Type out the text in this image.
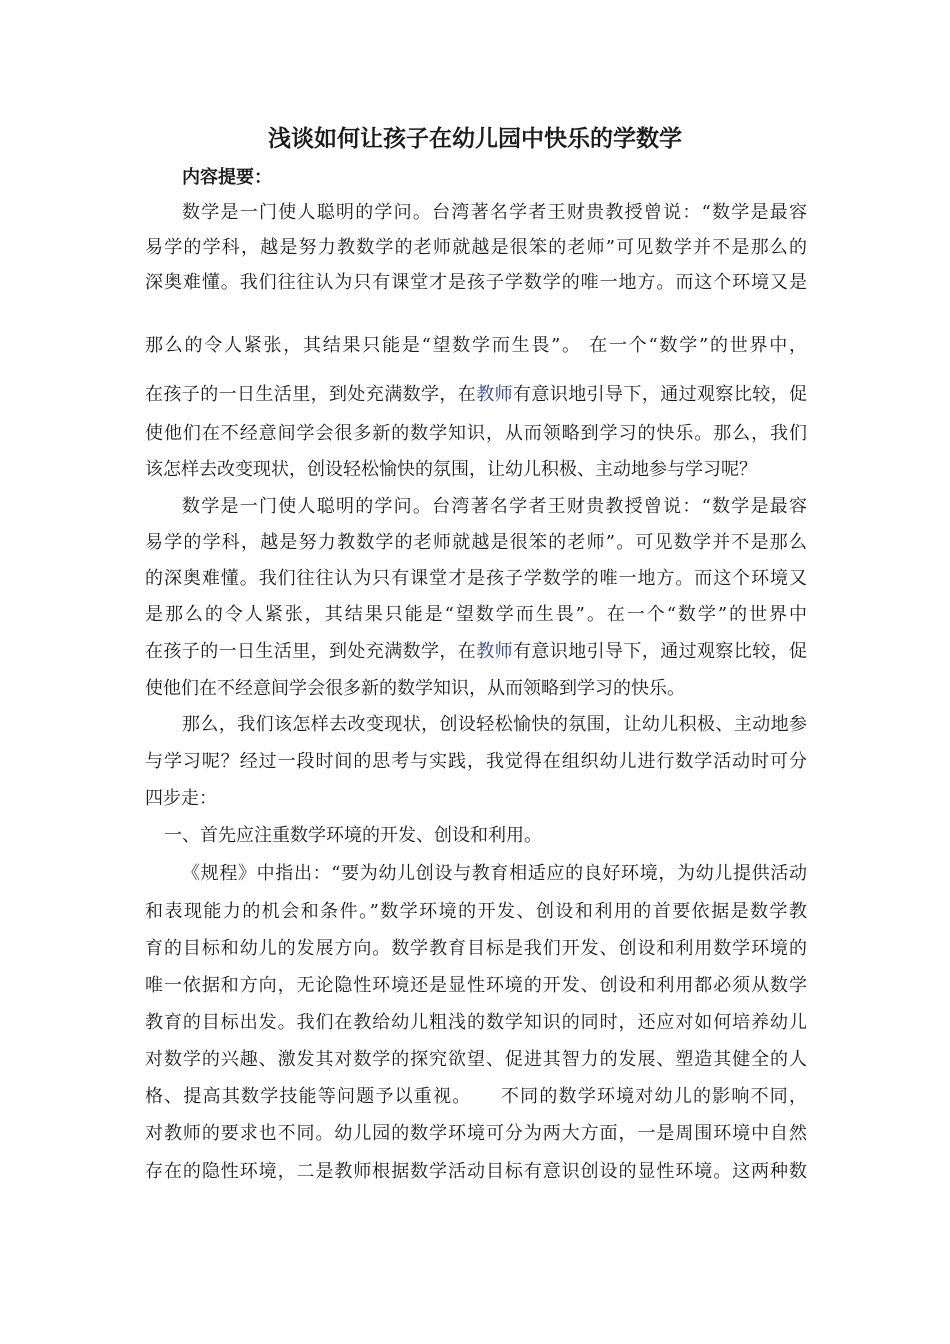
浅谈如何让孩子在幼儿园中快乐的学数学
内容提要：
数学是一门使人聪明的学问。台湾著名学者王财贵教授曾说：“数学是最容
易学的学科，越是努力教数学的老师就越是很笨的老师”可见数学并不是那么的
深奥难懂。我们往往认为只有课堂才是孩子学数学的唯一地方。而这个环境又是
那么的令人紧张，其结果只能是“望数学而生畏”。 在一个“数学”的世界中，
在孩子的一日生活里，到处充满数学，在教师有意识地引导下，通过观察比较，促
使他们在不经意间学会很多新的数学知识，从而领略到学习的快乐。那么，我们
该怎样去改变现状，创设轻松愉快的氛围，让幼儿积极、主动地参与学习呢？
数学是一门使人聪明的学问。台湾著名学者王财贵教授曾说：“数学是最容
易学的学科，越是努力教数学的老师就越是很笨的老师”。可见数学并不是那么
的深奥难懂。我们往往认为只有课堂才是孩子学数学的唯一地方。而这个环境又
是那么的令人紧张，其结果只能是“望数学而生畏”。在一个“数学”的世界中
在孩子的一日生活里，到处充满数学，在教师有意识地引导下，通过观察比较，促
使他们在不经意间学会很多新的数学知识，从而领略到学习的快乐。
那么，我们该怎样去改变现状，创设轻松愉快的氛围，让幼儿积极、主动地参
与学习呢？经过一段时间的思考与实践，我觉得在组织幼儿进行数学活动时可分
四步走：
一、首先应注重数学环境的开发、创设和利用。
《规程》中指出：“要为幼儿创设与教育相适应的良好环境，为幼儿提供活动
和表现能力的机会和条件。”数学环境的开发、创设和利用的首要依据是数学教
育的目标和幼儿的发展方向。数学教育目标是我们开发、创设和利用数学环境的
唯一依据和方向，无论隐性环境还是显性环境的开发、创设和利用都必须从数学
教育的目标出发。我们在教给幼儿粗浅的数学知识的同时，还应对如何培养幼儿
对数学的兴趣、激发其对数学的探究欲望、促进其智力的发展、塑造其健全的人
格、提高其数学技能等问题予以重视。　　不同的数学环境对幼儿的影响不同，
对教师的要求也不同。幼儿园的数学环境可分为两大方面，一是周围环境中自然
存在的隐性环境，二是教师根据数学活动目标有意识创设的显性环境。这两种数
